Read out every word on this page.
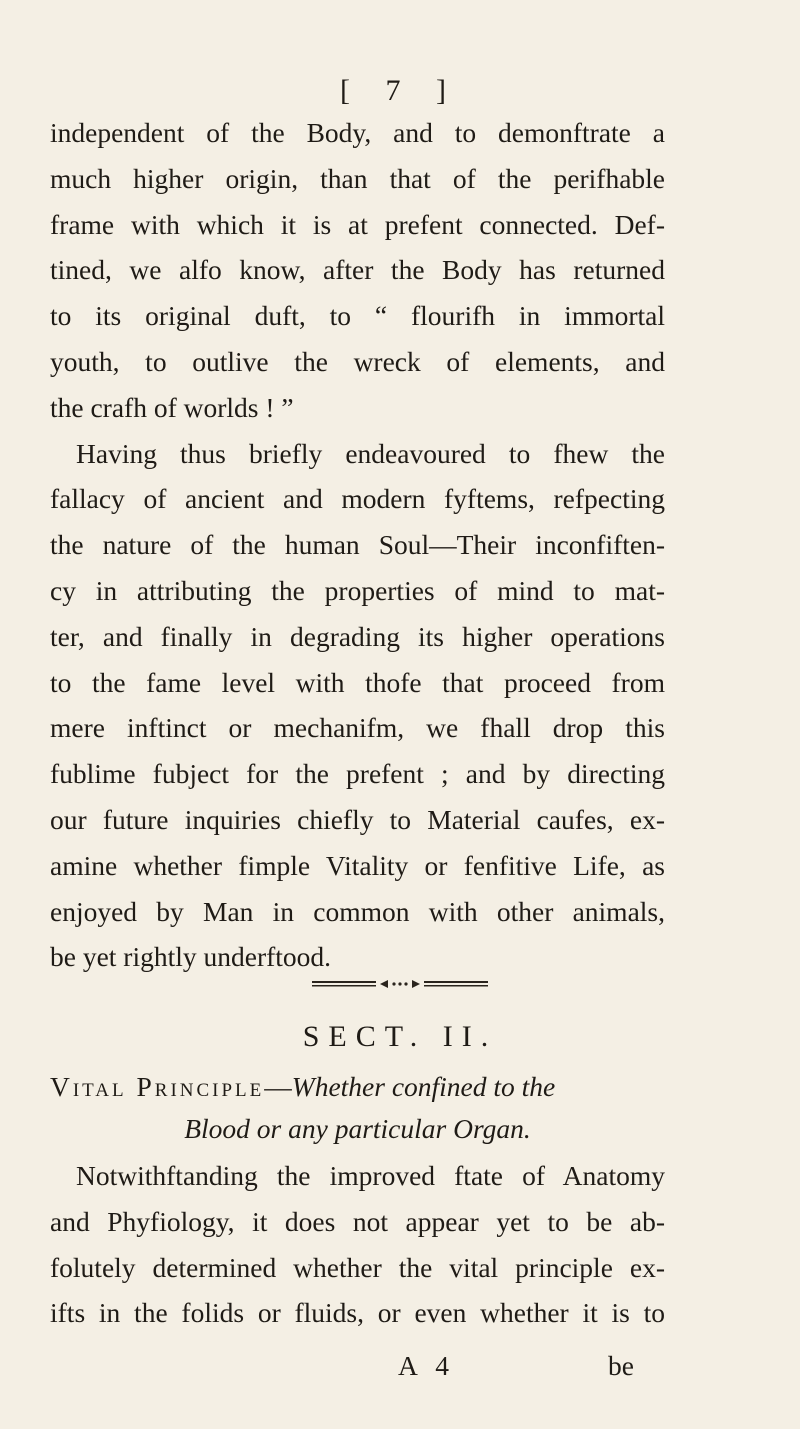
[ 7 ]
independent of the Body, and to demonftrate a
much higher origin, than that of the perifhable
frame with which it is at prefent connected. Def-
tined, we alfo know, after the Body has returned
to its original duft, to “ flourifh in immortal
youth, to outlive the wreck of elements, and
the crafh of worlds ! ”
Having thus briefly endeavoured to fhew the
fallacy of ancient and modern fyftems, refpecting
the nature of the human Soul—Their inconfiften-
cy in attributing the properties of mind to mat-
ter, and finally in degrading its higher operations
to the fame level with thofe that proceed from
mere inftinct or mechanifm, we fhall drop this
fublime fubject for the prefent ; and by directing
our future inquiries chiefly to Material caufes, ex-
amine whether fimple Vitality or fenfitive Life, as
enjoyed by Man in common with other animals,
be yet rightly underftood.
SECT. II.
Vital Principle—Whether confined to the
Blood or any particular Organ.
Notwithftanding the improved ftate of Anatomy
and Phyfiology, it does not appear yet to be ab-
folutely determined whether the vital principle ex-
ifts in the folids or fluids, or even whether it is to
A 4	be
